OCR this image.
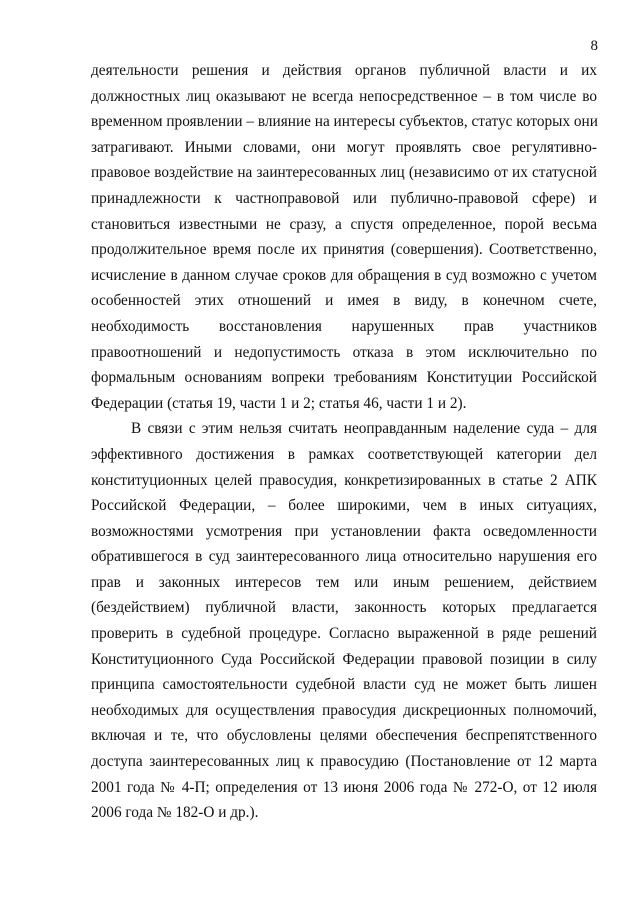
8
деятельности решения и действия органов публичной власти и их
должностных лиц оказывают не всегда непосредственное – в том числе во
временном проявлении – влияние на интересы субъектов, статус которых они
затрагивают. Иными словами, они могут проявлять свое регулятивно-
правовое воздействие на заинтересованных лиц (независимо от их статусной
принадлежности к частноправовой или публично-правовой сфере) и
становиться известными не сразу, а спустя определенное, порой весьма
продолжительное время после их принятия (совершения). Соответственно,
исчисление в данном случае сроков для обращения в суд возможно с учетом
особенностей этих отношений и имея в виду, в конечном счете,
необходимость восстановления нарушенных прав участников
правоотношений и недопустимость отказа в этом исключительно по
формальным основаниям вопреки требованиям Конституции Российской
Федерации (статья 19, части 1 и 2; статья 46, части 1 и 2).
В связи с этим нельзя считать неоправданным наделение суда – для
эффективного достижения в рамках соответствующей категории дел
конституционных целей правосудия, конкретизированных в статье 2 АПК
Российской Федерации, – более широкими, чем в иных ситуациях,
возможностями усмотрения при установлении факта осведомленности
обратившегося в суд заинтересованного лица относительно нарушения его
прав и законных интересов тем или иным решением, действием
(бездействием) публичной власти, законность которых предлагается
проверить в судебной процедуре. Согласно выраженной в ряде решений
Конституционного Суда Российской Федерации правовой позиции в силу
принципа самостоятельности судебной власти суд не может быть лишен
необходимых для осуществления правосудия дискреционных полномочий,
включая и те, что обусловлены целями обеспечения беспрепятственного
доступа заинтересованных лиц к правосудию (Постановление от 12 марта
2001 года № 4-П; определения от 13 июня 2006 года № 272-О, от 12 июля
2006 года № 182-О и др.).
